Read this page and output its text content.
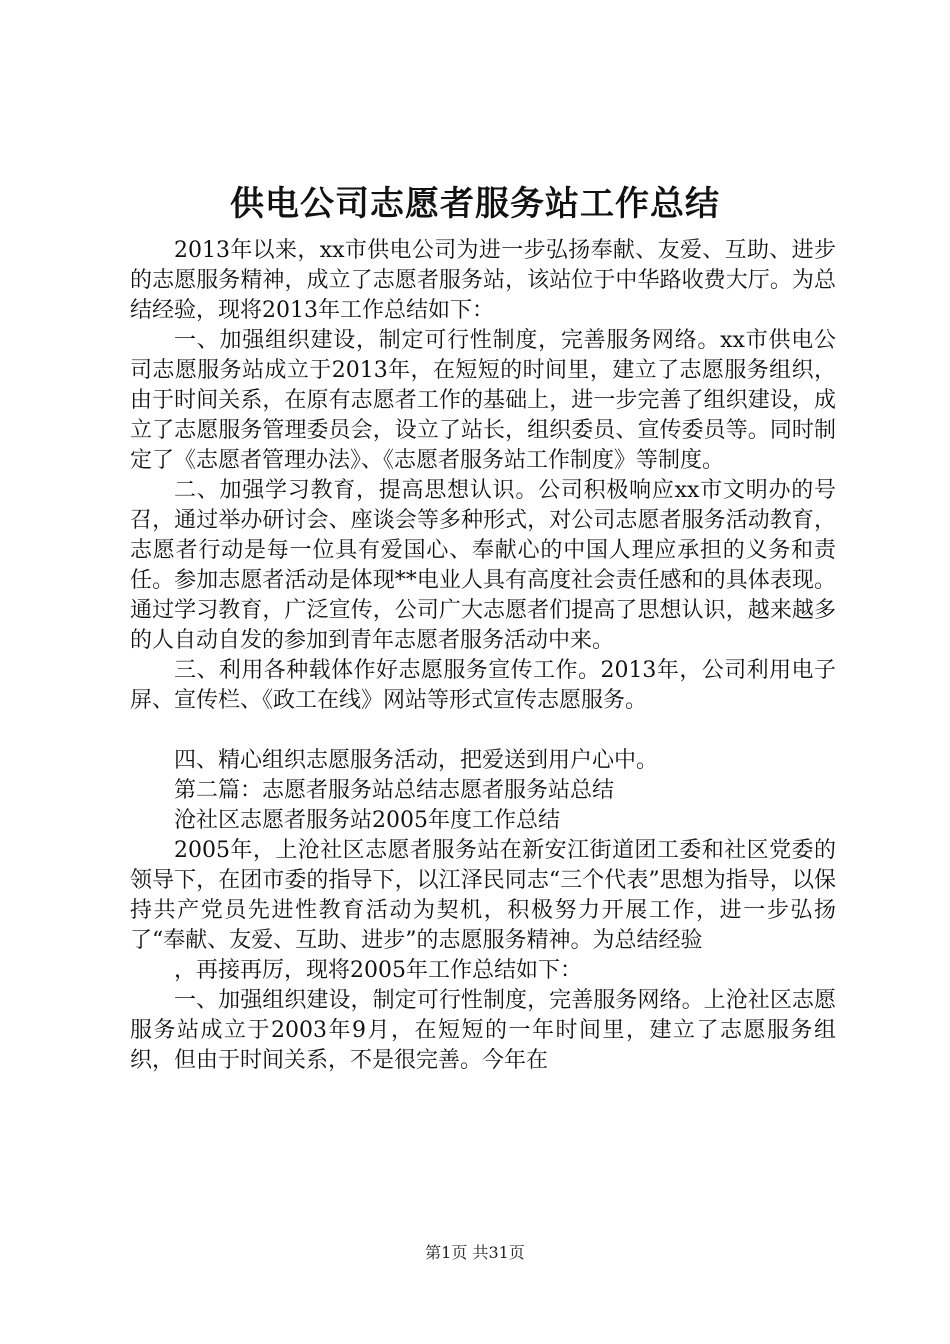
供电公司志愿者服务站工作总结

2013年以来，xx市供电公司为进一步弘扬奉献、友爱、互助、进步的志愿服务精神，成立了志愿者服务站，该站位于中华路收费大厅。为总结经验，现将2013年工作总结如下：

一、加强组织建设，制定可行性制度，完善服务网络。xx市供电公司志愿服务站成立于2013年，在短短的时间里，建立了志愿服务组织，由于时间关系，在原有志愿者工作的基础上，进一步完善了组织建设，成立了志愿服务管理委员会，设立了站长，组织委员、宣传委员等。同时制定了《志愿者管理办法》、《志愿者服务站工作制度》等制度。

二、加强学习教育，提高思想认识。公司积极响应xx市文明办的号召，通过举办研讨会、座谈会等多种形式，对公司志愿者服务活动教育，志愿者行动是每一位具有爱国心、奉献心的中国人理应承担的义务和责任。参加志愿者活动是体现**电业人具有高度社会责任感和的具体表现。通过学习教育，广泛宣传，公司广大志愿者们提高了思想认识，越来越多的人自动自发的参加到青年志愿者服务活动中来。

三、利用各种载体作好志愿服务宣传工作。2013年，公司利用电子屏、宣传栏、《政工在线》网站等形式宣传志愿服务。

四、精心组织志愿服务活动，把爱送到用户心中。

第二篇：志愿者服务站总结志愿者服务站总结

沧社区志愿者服务站2005年度工作总结

2005年，上沧社区志愿者服务站在新安江街道团工委和社区党委的领导下，在团市委的指导下，以江泽民同志“三个代表”思想为指导，以保持共产党员先进性教育活动为契机，积极努力开展工作，进一步弘扬了“奉献、友爱、互助、进步”的志愿服务精神。为总结经验

，再接再厉，现将2005年工作总结如下：

一、加强组织建设，制定可行性制度，完善服务网络。上沧社区志愿服务站成立于2003年9月，在短短的一年时间里，建立了志愿服务组织，但由于时间关系，不是很完善。今年在

第1页 共31页
